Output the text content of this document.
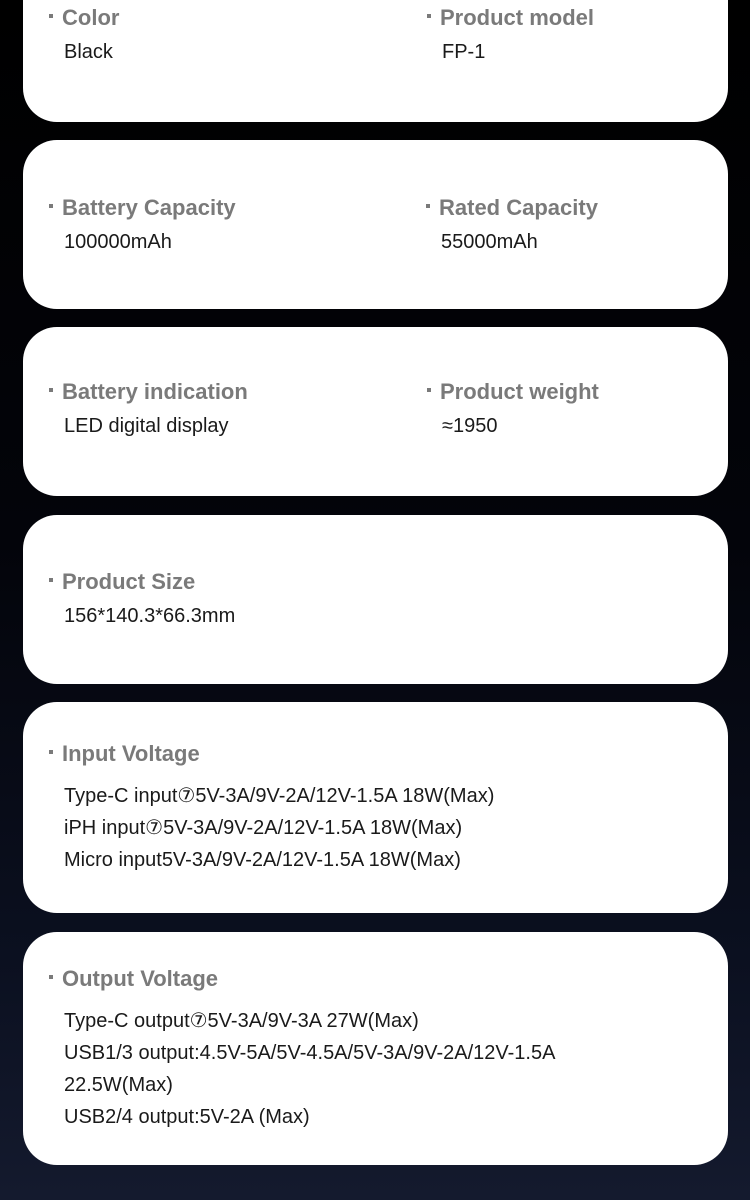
Color
Black
Product model
FP-1
Battery Capacity
100000mAh
Rated Capacity
55000mAh
Battery indication
LED digital display
Product weight
≈1950
Product Size
156*140.3*66.3mm
Input Voltage
Type-C input⑦5V-3A/9V-2A/12V-1.5A 18W(Max)
iPH input⑦5V-3A/9V-2A/12V-1.5A 18W(Max)
Micro input5V-3A/9V-2A/12V-1.5A 18W(Max)
Output Voltage
Type-C output⑦5V-3A/9V-3A 27W(Max)
USB1/3 output:4.5V-5A/5V-4.5A/5V-3A/9V-2A/12V-1.5A
22.5W(Max)
USB2/4 output:5V-2A (Max)
